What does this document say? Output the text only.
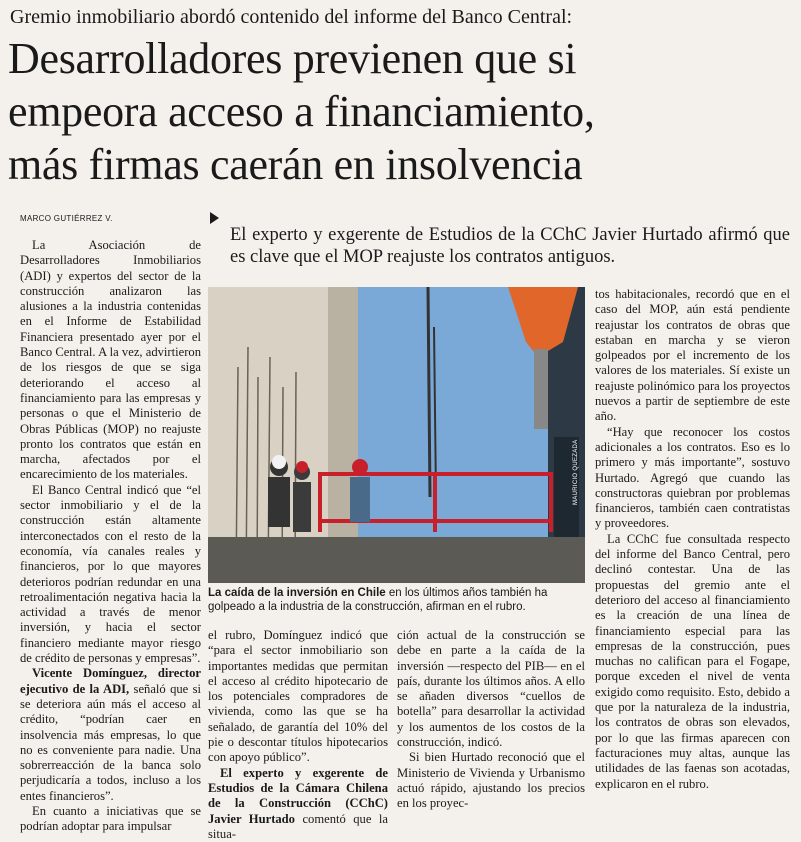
Gremio inmobiliario abordó contenido del informe del Banco Central:
Desarrolladores previenen que si
empeora acceso a financiamiento,
más firmas caerán en insolvencia
MARCO GUTIÉRREZ V.
El experto y exgerente de Estudios de la CChC Javier Hurtado afirmó que es clave que el MOP reajuste los contratos antiguos.

La Asociación de Desarrolladores Inmobiliarios (ADI) y expertos del sector de la construcción analizaron las alusiones a la industria contenidas en el Informe de Estabilidad Financiera presentado ayer por el Banco Central. A la vez, advirtieron de los riesgos de que se siga deteriorando el acceso al financiamiento para las empresas y personas o que el Ministerio de Obras Públicas (MOP) no reajuste pronto los contratos que están en marcha, afectados por el encarecimiento de los materiales.

El Banco Central indicó que “el sector inmobiliario y el de la construcción están altamente interconectados con el resto de la economía, vía canales reales y financieros, por lo que mayores deterioros podrían redundar en una retroalimentación negativa hacia la actividad a través de menor inversión, y hacia el sector financiero mediante mayor riesgo de crédito de personas y empresas”.

Vicente Domínguez, director ejecutivo de la ADI, señaló que si se deteriora aún más el acceso al crédito, “podrían caer en insolvencia más empresas, lo que no es conveniente para nadie. Una sobrerreacción de la banca solo perjudicaría a todos, incluso a los entes financieros”.

En cuanto a iniciativas que se podrían adoptar para impulsar

MAURICIO QUEZADA
La caída de la inversión en Chile en los últimos años también ha golpeado a la industria de la construcción, afirman en el rubro.

el rubro, Domínguez indicó que “para el sector inmobiliario son importantes medidas que permitan el acceso al crédito hipotecario de los potenciales compradores de vivienda, como las que se ha señalado, de garantía del 10% del pie o descontar títulos hipotecarios con apoyo público”.

El experto y exgerente de Estudios de la Cámara Chilena de la Construcción (CChC) Javier Hurtado comentó que la situa-

ción actual de la construcción se debe en parte a la caída de la inversión —respecto del PIB— en el país, durante los últimos años. A ello se añaden diversos “cuellos de botella” para desarrollar la actividad y los aumentos de los costos de la construcción, indicó.

Si bien Hurtado reconoció que el Ministerio de Vivienda y Urbanismo actuó rápido, ajustando los precios en los proyec-

tos habitacionales, recordó que en el caso del MOP, aún está pendiente reajustar los contratos de obras que estaban en marcha y se vieron golpeados por el incremento de los valores de los materiales. Sí existe un reajuste polinómico para los proyectos nuevos a partir de septiembre de este año.

“Hay que reconocer los costos adicionales a los contratos. Eso es lo primero y más importante”, sostuvo Hurtado. Agregó que cuando las constructoras quiebran por problemas financieros, también caen contratistas y proveedores.

La CChC fue consultada respecto del informe del Banco Central, pero declinó contestar. Una de las propuestas del gremio ante el deterioro del acceso al financiamiento es la creación de una línea de financiamiento especial para las empresas de la construcción, pues muchas no califican para el Fogape, porque exceden el nivel de venta exigido como requisito. Esto, debido a que por la naturaleza de la industria, los contratos de obras son elevados, por lo que las firmas aparecen con facturaciones muy altas, aunque las utilidades de las faenas son acotadas, explicaron en el rubro.
